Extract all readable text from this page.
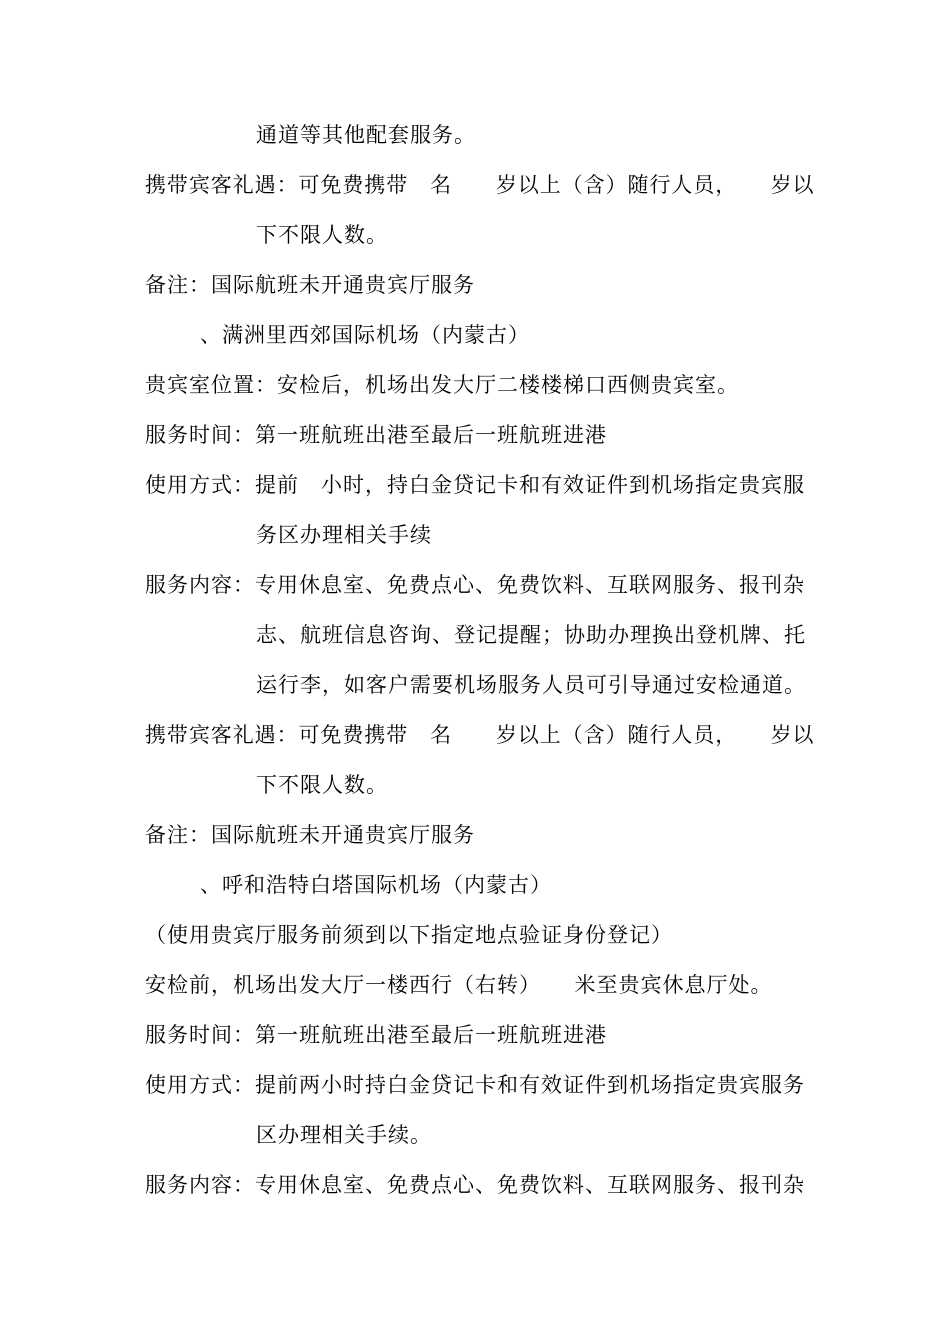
通道等其他配套服务。
携带宾客礼遇：可免费携带　名　　岁以上（含）随行人员，　　岁以
下不限人数。
备注：国际航班未开通贵宾厅服务
、满洲里西郊国际机场（内蒙古）
贵宾室位置：安检后，机场出发大厅二楼楼梯口西侧贵宾室。
服务时间：第一班航班出港至最后一班航班进港
使用方式：提前　小时，持白金贷记卡和有效证件到机场指定贵宾服
务区办理相关手续
服务内容：专用休息室、免费点心、免费饮料、互联网服务、报刊杂
志、航班信息咨询、登记提醒；协助办理换出登机牌、托
运行李，如客户需要机场服务人员可引导通过安检通道。
携带宾客礼遇：可免费携带　名　　岁以上（含）随行人员，　　岁以
下不限人数。
备注：国际航班未开通贵宾厅服务
、呼和浩特白塔国际机场（内蒙古）
（使用贵宾厅服务前须到以下指定地点验证身份登记）
安检前，机场出发大厅一楼西行（右转）　　米至贵宾休息厅处。
服务时间：第一班航班出港至最后一班航班进港
使用方式：提前两小时持白金贷记卡和有效证件到机场指定贵宾服务
区办理相关手续。
服务内容：专用休息室、免费点心、免费饮料、互联网服务、报刊杂
